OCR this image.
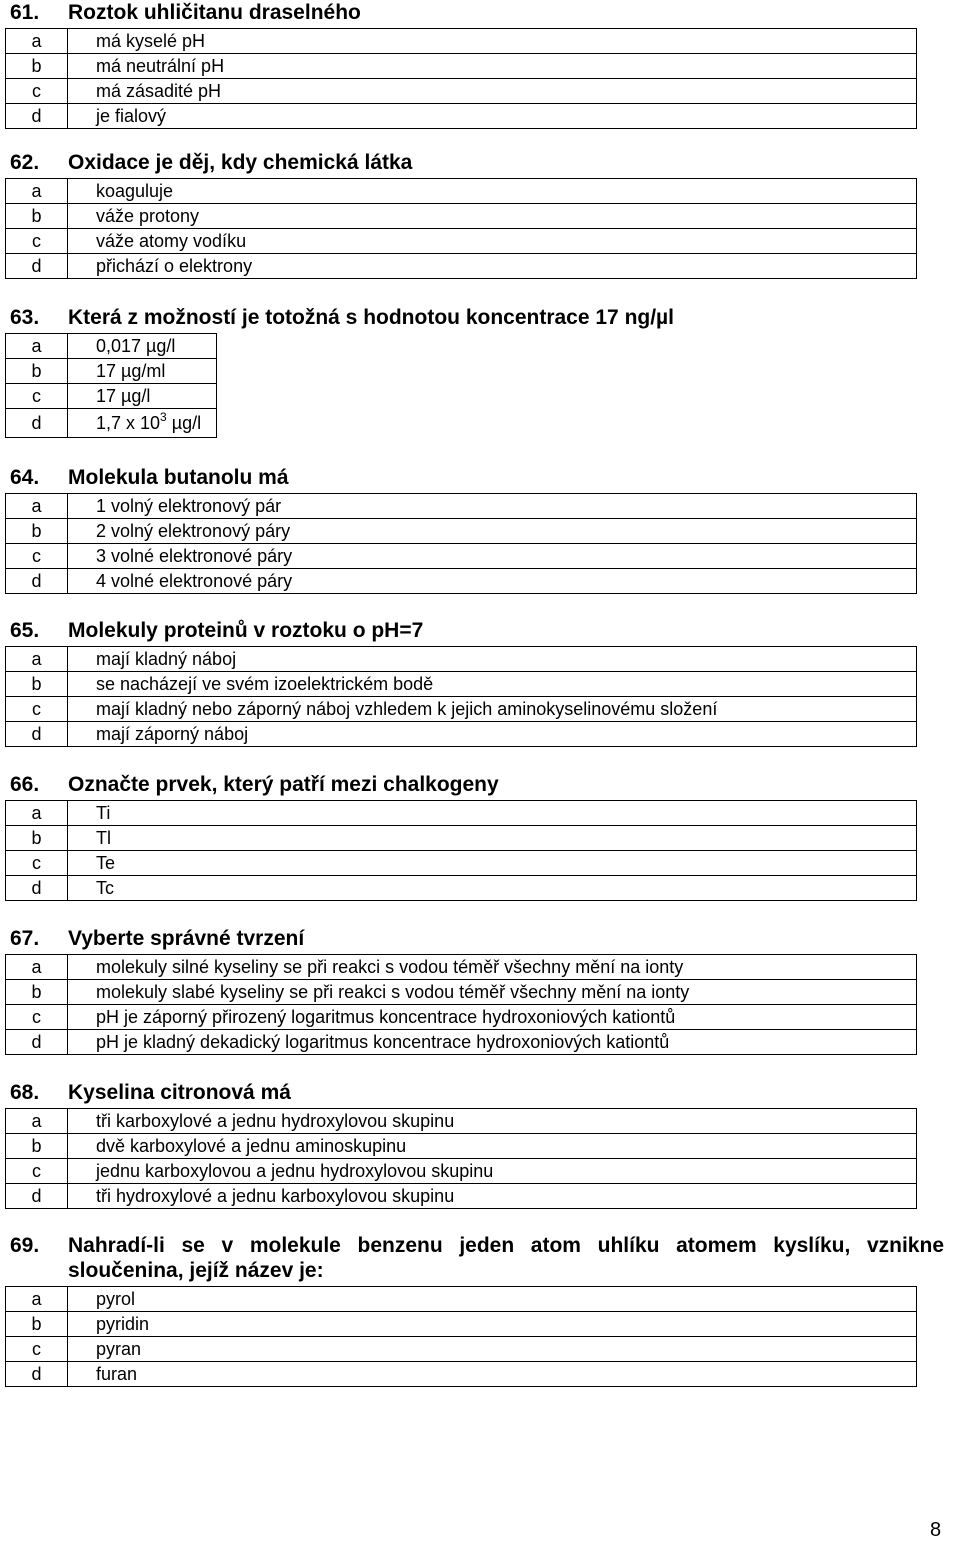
61.	Roztok uhličitanu draselného
a	má kyselé pH
b	má neutrální pH
c	má zásadité pH
d	je fialový
62.	Oxidace je děj, kdy chemická látka
a	koaguluje
b	váže protony
c	váže atomy vodíku
d	přichází o elektrony
63.	Která z možností je totožná s hodnotou koncentrace 17 ng/µl
a	0,017 µg/l
b	17 µg/ml
c	17 µg/l
d	1,7 x $10^3$ µg/l
64.	Molekula butanolu má
a	1 volný elektronový pár
b	2 volný elektronový páry
c	3 volné elektronové páry
d	4 volné elektronové páry
65.	Molekuly proteinů v roztoku o pH=7
a	mají kladný náboj
b	se nacházejí ve svém izoelektrickém bodě
c	mají kladný nebo záporný náboj vzhledem k jejich aminokyselinovému složení
d	mají záporný náboj
66.	Označte prvek, který patří mezi chalkogeny
a	Ti
b	Tl
c	Te
d	Tc
67.	Vyberte správné tvrzení
a	molekuly silné kyseliny se při reakci s vodou téměř všechny mění na ionty
b	molekuly slabé kyseliny se při reakci s vodou téměř všechny mění na ionty
c	pH je záporný přirozený logaritmus koncentrace hydroxoniových kationtů
d	pH je kladný dekadický logaritmus koncentrace hydroxoniových kationtů
68.	Kyselina citronová má
a	tři karboxylové a jednu hydroxylovou skupinu
b	dvě karboxylové a jednu aminoskupinu
c	jednu karboxylovou a jednu hydroxylovou skupinu
d	tři hydroxylové a jednu karboxylovou skupinu
69.	Nahradí-li se v molekule benzenu jeden atom uhlíku atomem kyslíku, vznikne sloučenina, jejíž název je:
a	pyrol
b	pyridin
c	pyran
d	furan
8
